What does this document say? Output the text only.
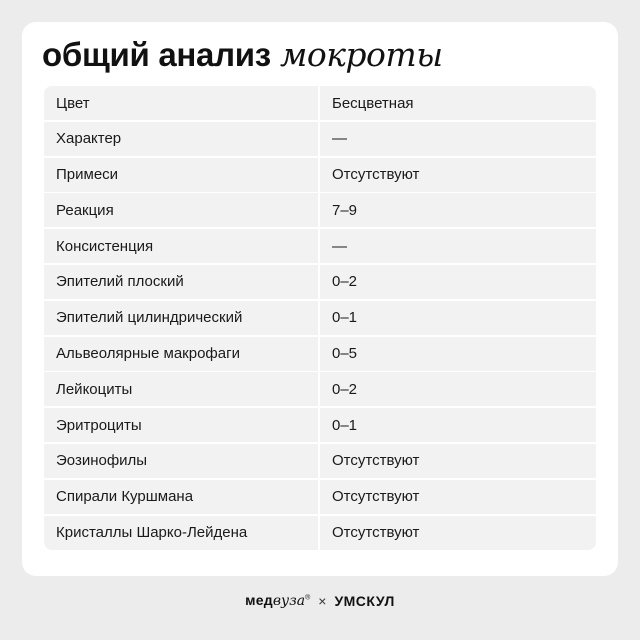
общий анализ мокроты
Цвет	Бесцветная
Характер	—
Примеси	Отсутствуют
Реакция	7–9
Консистенция	—
Эпителий плоский	0–2
Эпителий цилиндрический	0–1
Альвеолярные макрофаги	0–5
Лейкоциты	0–2
Эритроциты	0–1
Эозинофилы	Отсутствуют
Спирали Куршмана	Отсутствуют
Кристаллы Шарко-Лейдена	Отсутствуют
медвуза® × УМСКУЛ
